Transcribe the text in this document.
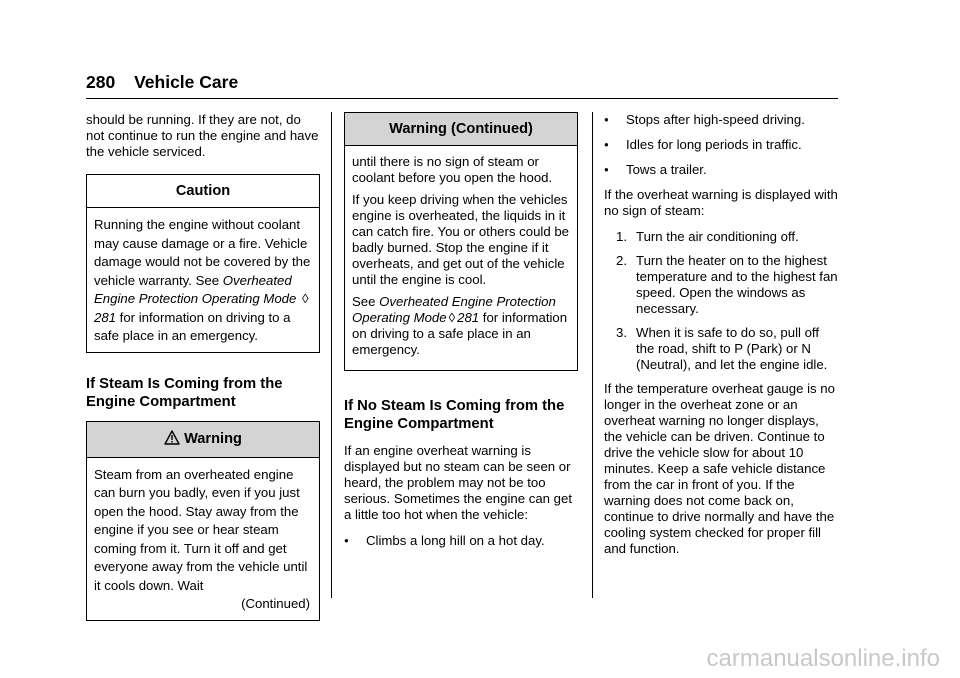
280 Vehicle Care

should be running. If they are not, do not continue to run the engine and have the vehicle serviced.

Caution
Running the engine without coolant may cause damage or a fire. Vehicle damage would not be covered by the vehicle warranty. See Overheated Engine Protection Operating Mode ◊281 for information on driving to a safe place in an emergency.
If Steam Is Coming from the Engine Compartment
Warning
Steam from an overheated engine can burn you badly, even if you just open the hood. Stay away from the engine if you see or hear steam coming from it. Turn it off and get everyone away from the vehicle until it cools down. Wait
(Continued)
Warning (Continued)

until there is no sign of steam or coolant before you open the hood.

If you keep driving when the vehicles engine is overheated, the liquids in it can catch fire. You or others could be badly burned. Stop the engine if it overheats, and get out of the vehicle until the engine is cool.

See Overheated Engine Protection Operating Mode ◊ 281 for information on driving to a safe place in an emergency.

If No Steam Is Coming from the Engine Compartment

If an engine overheat warning is displayed but no steam can be seen or heard, the problem may not be too serious. Sometimes the engine can get a little too hot when the vehicle:

●	Climbs a long hill on a hot day.
●	Stops after high-speed driving.
●	Idles for long periods in traffic.
●	Tows a trailer.

If the overheat warning is displayed with no sign of steam:

1. Turn the air conditioning off.
2. Turn the heater on to the highest temperature and to the highest fan speed. Open the windows as necessary.
3. When it is safe to do so, pull off the road, shift to P (Park) or N (Neutral), and let the engine idle.

If the temperature overheat gauge is no longer in the overheat zone or an overheat warning no longer displays, the vehicle can be driven. Continue to drive the vehicle slow for about 10 minutes. Keep a safe vehicle distance from the car in front of you. If the warning does not come back on, continue to drive normally and have the cooling system checked for proper fill and function.

carmanualsonline.info
